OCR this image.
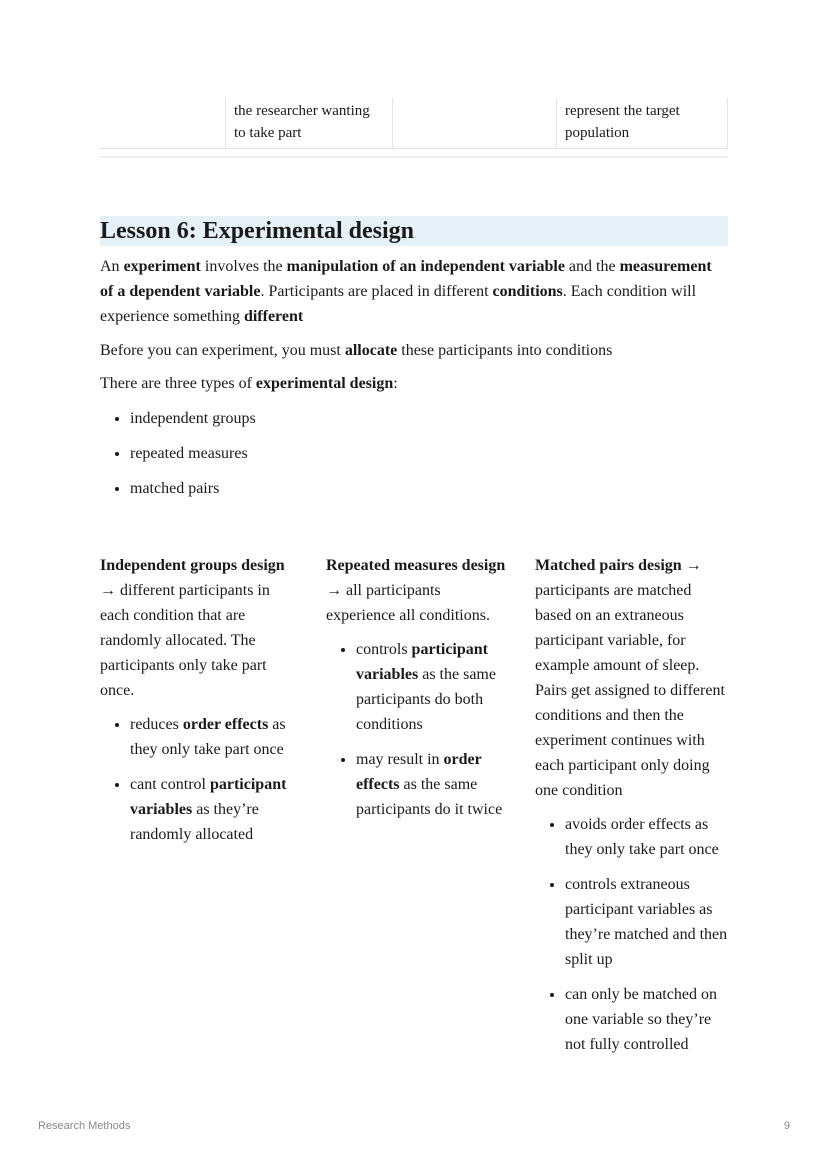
the researcher wanting to take part
represent the target population
Lesson 6: Experimental design

An experiment involves the manipulation of an independent variable and the measurement of a dependent variable. Participants are placed in different conditions. Each condition will experience something different

Before you can experiment, you must allocate these participants into conditions

There are three types of experimental design:

• independent groups
• repeated measures
• matched pairs
Independent groups design → different participants in each condition that are randomly allocated. The participants only take part once.
• reduces order effects as they only take part once
• cant control participant variables as they’re randomly allocated
Repeated measures design → all participants experience all conditions.
• controls participant variables as the same participants do both conditions
• may result in order effects as the same participants do it twice
Matched pairs design → participants are matched based on an extraneous participant variable, for example amount of sleep. Pairs get assigned to different conditions and then the experiment continues with each participant only doing one condition
• avoids order effects as they only take part once
• controls extraneous participant variables as they’re matched and then split up
• can only be matched on one variable so they’re not fully controlled
Research Methods	9
